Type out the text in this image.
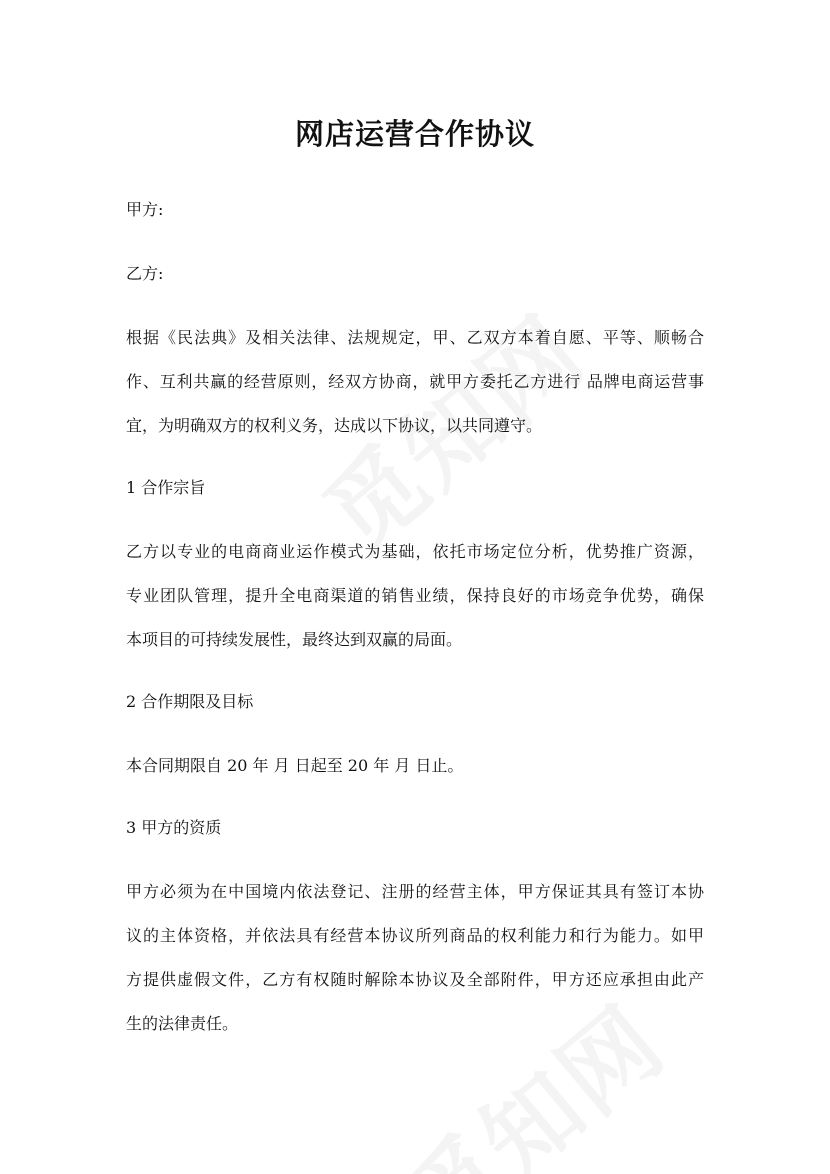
网店运营合作协议
甲方:
乙方:
根据《民法典》及相关法律、法规规定，甲、乙双方本着自愿、平等、顺畅合
作、互利共赢的经营原则，经双方协商，就甲方委托乙方进行 品牌电商运营事
宜，为明确双方的权利义务，达成以下协议，以共同遵守。
1 合作宗旨
乙方以专业的电商商业运作模式为基础，依托市场定位分析，优势推广资源，
专业团队管理，提升全电商渠道的销售业绩，保持良好的市场竞争优势，确保
本项目的可持续发展性，最终达到双赢的局面。
2 合作期限及目标
本合同期限自 20 年 月 日起至 20 年 月 日止。
3 甲方的资质
甲方必须为在中国境内依法登记、注册的经营主体，甲方保证其具有签订本协
议的主体资格，并依法具有经营本协议所列商品的权利能力和行为能力。如甲
方提供虚假文件，乙方有权随时解除本协议及全部附件，甲方还应承担由此产
生的法律责任。
